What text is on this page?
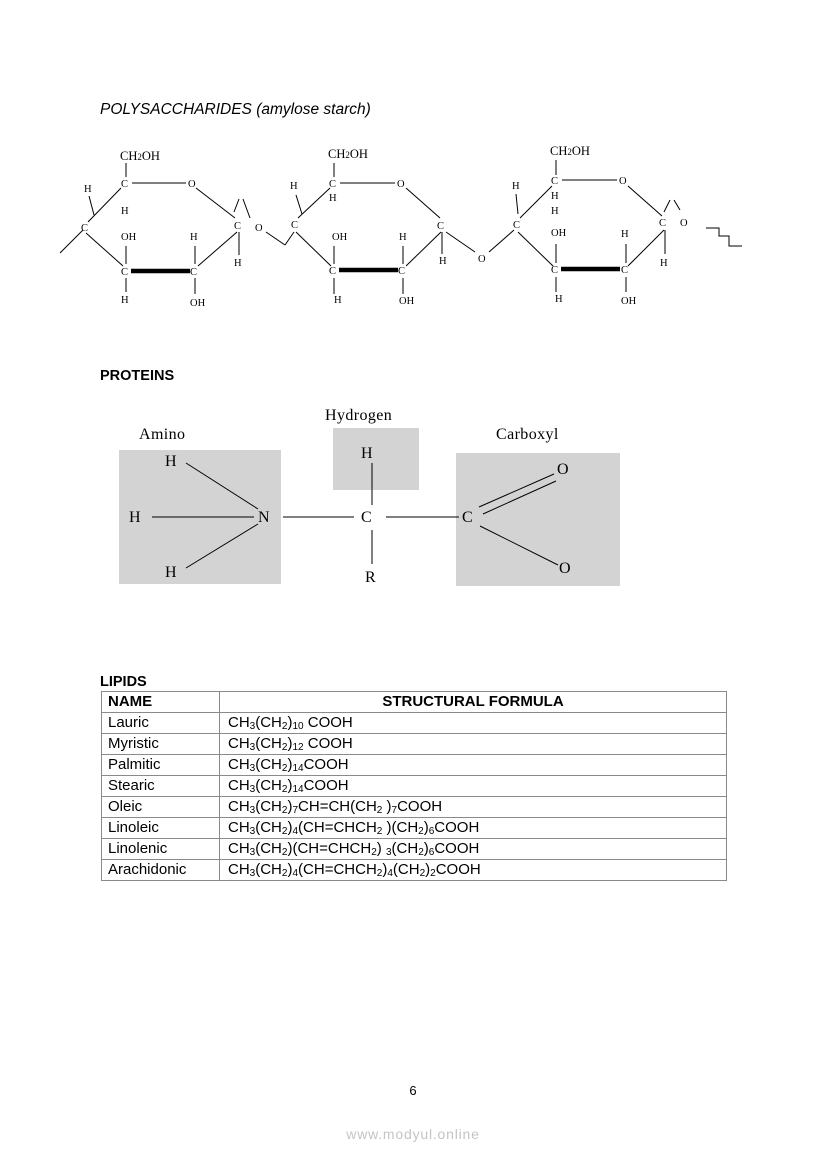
POLYSACCHARIDES (amylose starch)
CH2OH
C	O
H
H
C	C O
OH	H
H
C	C
H	OH
CH2OH
C	O
H
H
C	C
OH	H
H	O
C	C
H	OH
CH2OH
C	O
H
H
H
C	C O
OH	H
H
C	C
H	OH
PROTEINS
Amino
Hydrogen
Carboxyl
H
H
H
N
H
C
R
C
O
O
LIPIDS
NAME	STRUCTURAL FORMULA
Lauric	$CH_3(CH_2)_{10}$ COOH
Myristic	$CH_3(CH_2)_{12}$ COOH
Palmitic	$CH_3(CH_2)_{14}COOH$
Stearic	$CH_3(CH_2)_{14}COOH$
Oleic	$CH_3(CH_2)_7CH=CH(CH_2$ )$_7COOH$
Linoleic	$CH_3(CH_2)_4(CH=CHCH_2$ )$(CH_2)_6COOH$
Linolenic	$CH_3(CH_2)(CH=CHCH_2)$ $_3(CH_2)_6COOH$
Arachidonic	$CH_3(CH_2)_4(CH=CHCH_2)_4(CH_2)_2COOH$
6
www.modyul.online
